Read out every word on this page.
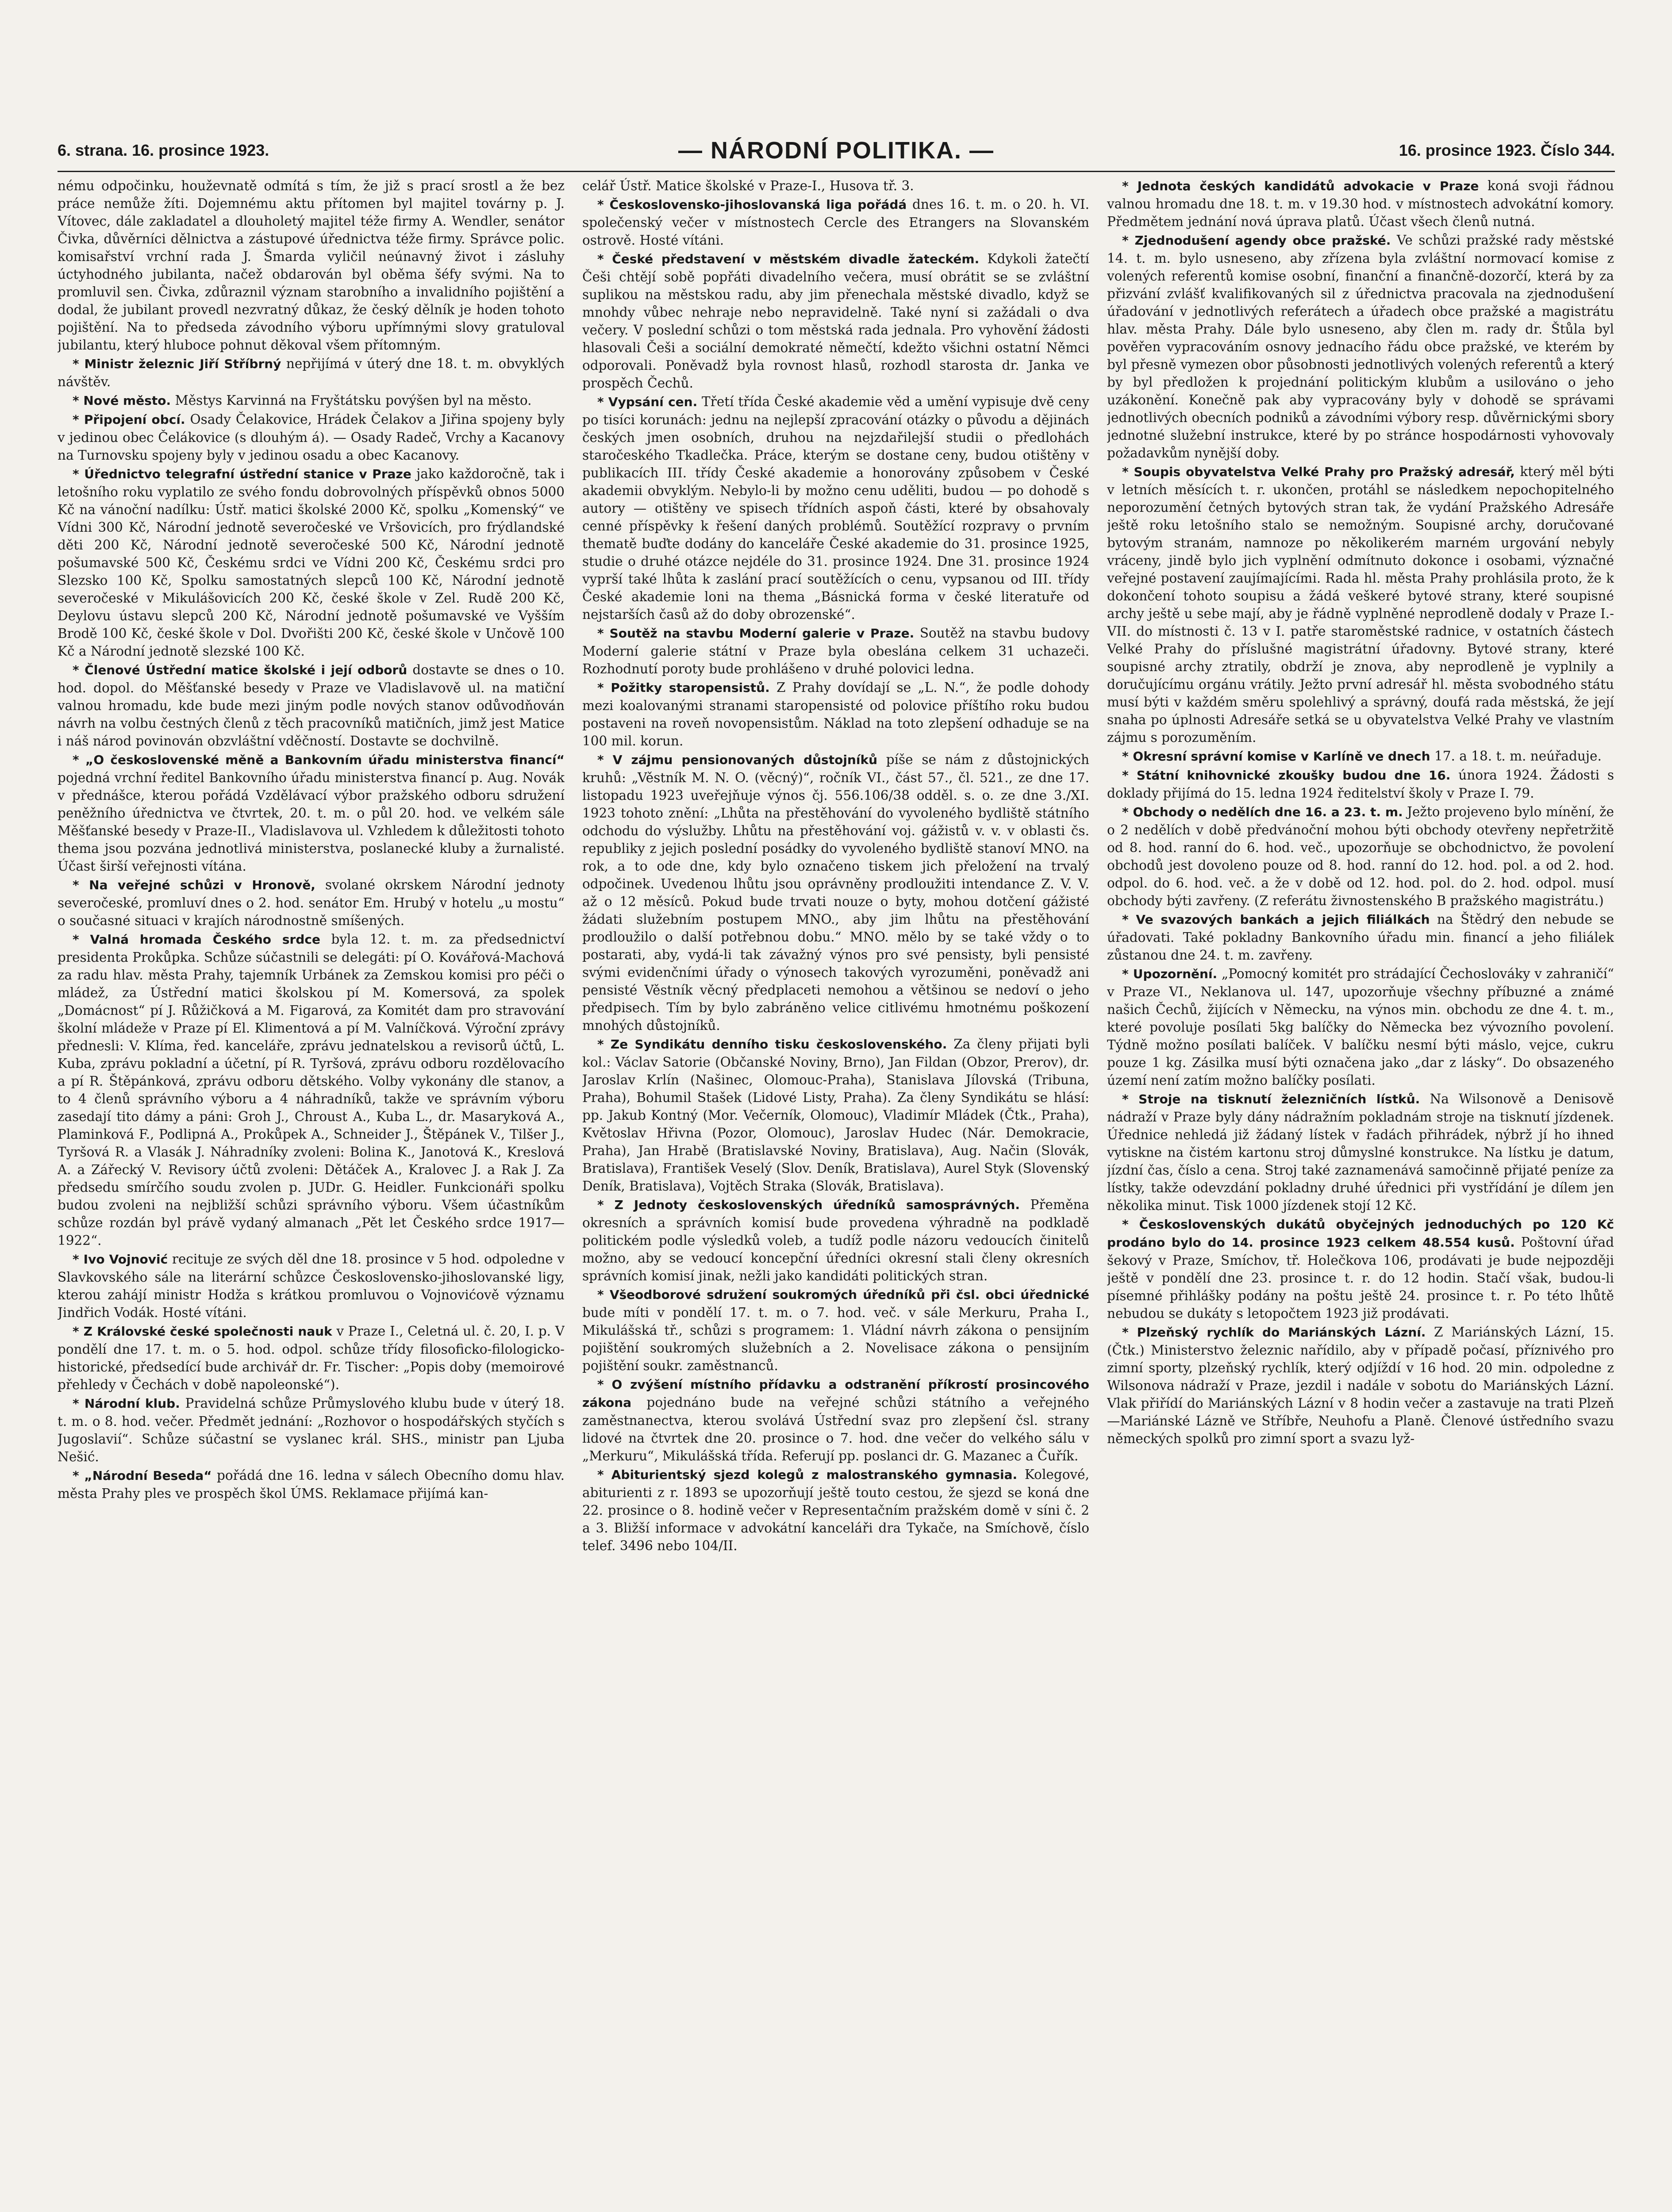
6. strana. 16. prosince 1923.	— NÁRODNÍ POLITIKA. —	16. prosince 1923. Číslo 344.

nému odpočinku, houževnatě odmítá s tím, že již s prací srostl a že bez práce nemůže žíti. Dojemnému aktu přítomen byl majitel továrny p. J. Vítovec, dále zakladatel a dlouholetý majitel téže firmy A. Wendler, senátor Čivka, důvěrníci dělnictva a zástupové úřednictva téže firmy. Správce polic. komisařství vrchní rada J. Šmarda vyličil neúnavný život i zásluhy úctyhodného jubilanta, načež obdarován byl oběma šéfy svými. Na to promluvil sen. Čivka, zdůraznil význam starobního a invalidního pojištění a dodal, že jubilant provedl nezvratný důkaz, že český dělník je hoden tohoto pojištění. Na to předseda závodního výboru upřímnými slovy gratuloval jubilantu, který hluboce pohnut děkoval všem přítomným.

* Ministr železnic Jiří Stříbrný nepřijímá v úterý dne 18. t. m. obvyklých návštěv.

* Nové město. Městys Karvinná na Fryštátsku povýšen byl na město.

* Připojení obcí. Osady Čelakovice, Hrádek Čelakov a Jiřina spojeny byly v jedinou obec Čelákovice (s dlouhým á). — Osady Radeč, Vrchy a Kacanovy na Turnovsku spojeny byly v jedinou osadu a obec Kacanovy.

* Úřednictvo telegrafní ústřední stanice v Praze jako každoročně, tak i letošního roku vyplatilo ze svého fondu dobrovolných příspěvků obnos 5000 Kč na vánoční nadílku: Ústř. matici školské 2000 Kč, spolku „Komenský“ ve Vídni 300 Kč, Národní jednotě severočeské ve Vršovicích, pro frýdlandské děti 200 Kč, Národní jednotě severočeské 500 Kč, Národní jednotě pošumavské 500 Kč, Českému srdci ve Vídni 200 Kč, Českému srdci pro Slezsko 100 Kč, Spolku samostatných slepců 100 Kč, Národní jednotě severočeské v Mikulášovicích 200 Kč, české škole v Zel. Rudě 200 Kč, Deylovu ústavu slepců 200 Kč, Národní jednotě pošumavské ve Vyšším Brodě 100 Kč, české škole v Dol. Dvořišti 200 Kč, české škole v Unčově 100 Kč a Národní jednotě slezské 100 Kč.

* Členové Ústřední matice školské i její odborů dostavte se dnes o 10. hod. dopol. do Měšťanské besedy v Praze ve Vladislavově ul. na matiční valnou hromadu, kde bude mezi jiným podle nových stanov odůvodňován návrh na volbu čestných členů z těch pracovníků matičních, jimž jest Matice i náš národ povinován obzvláštní vděčností. Dostavte se dochvilně.

* „O československé měně a Bankovním úřadu ministerstva financí“ pojedná vrchní ředitel Bankovního úřadu ministerstva financí p. Aug. Novák v přednášce, kterou pořádá Vzdělávací výbor pražského odboru sdružení peněžního úřednictva ve čtvrtek, 20. t. m. o půl 20. hod. ve velkém sále Měšťanské besedy v Praze-II., Vladislavova ul. Vzhledem k důležitosti tohoto thema jsou pozvána jednotlivá ministerstva, poslanecké kluby a žurnalisté. Účast širší veřejnosti vítána.

* Na veřejné schůzi v Hronově, svolané okrskem Národní jednoty severočeské, promluví dnes o 2. hod. senátor Em. Hrubý v hotelu „u mostu“ o současné situaci v krajích národnostně smíšených.

* Valná hromada Českého srdce byla 12. t. m. za předsednictví presidenta Prokůpka. Schůze súčastnili se delegáti: pí O. Kovářová-Machová za radu hlav. města Prahy, tajemník Urbánek za Zemskou komisi pro péči o mládež, za Ústřední matici školskou pí M. Komersová, za spolek „Domácnost“ pí J. Růžičková a M. Figarová, za Komitét dam pro stravování školní mládeže v Praze pí El. Klimentová a pí M. Valníčková. Výroční zprávy přednesli: V. Klíma, řed. kanceláře, zprávu jednatelskou a revisorů účtů, L. Kuba, zprávu pokladní a účetní, pí R. Tyršová, zprávu odboru rozdělovacího a pí R. Štěpánková, zprávu odboru dětského. Volby vykonány dle stanov, a to 4 členů správního výboru a 4 náhradníků, takže ve správním výboru zasedají tito dámy a páni: Groh J., Chroust A., Kuba L., dr. Masaryková A., Plaminková F., Podlipná A., Prokůpek A., Schneider J., Štěpánek V., Tilšer J., Tyršová R. a Vlasák J. Náhradníky zvoleni: Bolina K., Janotová K., Kreslová A. a Zářecký V. Revisory účtů zvoleni: Dětáček A., Kralovec J. a Rak J. Za předsedu smírčího soudu zvolen p. JUDr. G. Heidler. Funkcionáři spolku budou zvoleni na nejbližší schůzi správního výboru. Všem účastníkům schůze rozdán byl právě vydaný almanach „Pět let Českého srdce 1917—1922“.

* Ivo Vojnović recituje ze svých děl dne 18. prosince v 5 hod. odpoledne v Slavkovského sále na literární schůzce Československo-jihoslovanské ligy, kterou zahájí ministr Hodža s krátkou promluvou o Vojnovićově významu Jindřich Vodák. Hosté vítáni.

* Z Královské české společnosti nauk v Praze I., Celetná ul. č. 20, I. p. V pondělí dne 17. t. m. o 5. hod. odpol. schůze třídy filosoficko-filologicko-historické, předsedící bude archivář dr. Fr. Tischer: „Popis doby (memoirové přehledy v Čechách v době napoleonské“).

* Národní klub. Pravidelná schůze Průmyslového klubu bude v úterý 18. t. m. o 8. hod. večer. Předmět jednání: „Rozhovor o hospodářských styčích s Jugoslavií“. Schůze súčastní se vyslanec král. SHS., ministr pan Ljuba Nešić.

* „Národní Beseda“ pořádá dne 16. ledna v sálech Obecního domu hlav. města Prahy ples ve prospěch škol ÚMS. Reklamace přijímá kan-

celář Ústř. Matice školské v Praze-I., Husova tř. 3.

* Československo-jihoslovanská liga pořádá dnes 16. t. m. o 20. h. VI. společenský večer v místnostech Cercle des Etrangers na Slovanském ostrově. Hosté vítáni.

* České představení v městském divadle žateckém. Kdykoli žatečtí Češi chtějí sobě popřáti divadelního večera, musí obrátit se se zvláštní suplikou na městskou radu, aby jim přenechala městské divadlo, když se mnohdy vůbec nehraje nebo nepravidelně. Také nyní si zažádali o dva večery. V poslední schůzi o tom městská rada jednala. Pro vyhovění žádosti hlasovali Češi a sociální demokraté němečtí, kdežto všichni ostatní Němci odporovali. Poněvadž byla rovnost hlasů, rozhodl starosta dr. Janka ve prospěch Čechů.

* Vypsání cen. Třetí třída České akademie věd a umění vypisuje dvě ceny po tisíci korunách: jednu na nejlepší zpracování otázky o původu a dějinách českých jmen osobních, druhou na nejzdařilejší studii o předlohách staročeského Tkadlečka. Práce, kterým se dostane ceny, budou otištěny v publikacích III. třídy České akademie a honorovány způsobem v České akademii obvyklým. Nebylo-li by možno cenu uděliti, budou — po dohodě s autory — otištěny ve spisech třídních aspoň části, které by obsahovaly cenné příspěvky k řešení daných problémů. Soutěžící rozpravy o prvním thematě buďte dodány do kanceláře České akademie do 31. prosince 1925, studie o druhé otázce nejdéle do 31. prosince 1924. Dne 31. prosince 1924 vyprší také lhůta k zaslání prací soutěžících o cenu, vypsanou od III. třídy České akademie loni na thema „Básnická forma v české literatuře od nejstarších časů až do doby obrozenské“.

* Soutěž na stavbu Moderní galerie v Praze. Soutěž na stavbu budovy Moderní galerie státní v Praze byla obeslána celkem 31 uchazeči. Rozhodnutí poroty bude prohlášeno v druhé polovici ledna.

* Požitky staropensistů. Z Prahy dovídají se „L. N.“, že podle dohody mezi koalovanými stranami staropensisté od polovice příštího roku budou postaveni na roveň novopensistům. Náklad na toto zlepšení odhaduje se na 100 mil. korun.

* V zájmu pensionovaných důstojníků píše se nám z důstojnických kruhů: „Věstník M. N. O. (věcný)“, ročník VI., část 57., čl. 521., ze dne 17. listopadu 1923 uveřejňuje výnos čj. 556.106/38 odděl. s. o. ze dne 3./XI. 1923 tohoto znění: „Lhůta na přestěhování do vyvoleného bydliště státního odchodu do výslužby. Lhůtu na přestěhování voj. gážistů v. v. v oblasti čs. republiky z jejich poslední posádky do vyvoleného bydliště stanoví MNO. na rok, a to ode dne, kdy bylo označeno tiskem jich přeložení na trvalý odpočinek. Uvedenou lhůtu jsou oprávněny prodloužiti intendance Z. V. V. až o 12 měsíců. Pokud bude trvati nouze o byty, mohou dotčení gážisté žádati služebním postupem MNO., aby jim lhůtu na přestěhování prodloužilo o další potřebnou dobu.“ MNO. mělo by se také vždy o to postarati, aby, vydá-li tak závažný výnos pro své pensisty, byli pensisté svými evidenčními úřady o výnosech takových vyrozuměni, poněvadž ani pensisté Věstník věcný předplaceti nemohou a většinou se nedoví o jeho předpisech. Tím by bylo zabráněno velice citlivému hmotnému poškození mnohých důstojníků.

* Ze Syndikátu denního tisku československého. Za členy přijati byli kol.: Václav Satorie (Občanské Noviny, Brno), Jan Fildan (Obzor, Prerov), dr. Jaroslav Krlín (Našinec, Olomouc-Praha), Stanislava Jílovská (Tribuna, Praha), Bohumil Stašek (Lidové Listy, Praha). Za členy Syndikátu se hlásí: pp. Jakub Kontný (Mor. Večerník, Olomouc), Vladimír Mládek (Čtk., Praha), Květoslav Hřivna (Pozor, Olomouc), Jaroslav Hudec (Nár. Demokracie, Praha), Jan Hrabě (Bratislavské Noviny, Bratislava), Aug. Način (Slovák, Bratislava), František Veselý (Slov. Deník, Bratislava), Aurel Styk (Slovenský Deník, Bratislava), Vojtěch Straka (Slovák, Bratislava).

* Z Jednoty československých úředníků samosprávných. Přeměna okresních a správních komisí bude provedena výhradně na podkladě politickém podle výsledků voleb, a tudíž podle názoru vedoucích činitelů možno, aby se vedoucí koncepční úředníci okresní stali členy okresních správních komisí jinak, nežli jako kandidáti politických stran.

* Všeodborové sdružení soukromých úředníků při čsl. obci úřednické bude míti v pondělí 17. t. m. o 7. hod. več. v sále Merkuru, Praha I., Mikulášská tř., schůzi s programem: 1. Vládní návrh zákona o pensijním pojištění soukromých služebních a 2. Novelisace zákona o pensijním pojištění soukr. zaměstnanců.

* O zvýšení místního přídavku a odstranění příkrostí prosincového zákona pojednáno bude na veřejné schůzi státního a veřejného zaměstnanectva, kterou svolává Ústřední svaz pro zlepšení čsl. strany lidové na čtvrtek dne 20. prosince o 7. hod. dne večer do velkého sálu v „Merkuru“, Mikulášská třída. Referují pp. poslanci dr. G. Mazanec a Čuřík.

* Abiturientský sjezd kolegů z malostranského gymnasia. Kolegové, abiturienti z r. 1893 se upozorňují ještě touto cestou, že sjezd se koná dne 22. prosince o 8. hodině večer v Representačním pražském domě v síni č. 2 a 3. Bližší informace v advokátní kanceláři dra Tykače, na Smíchově, číslo telef. 3496 nebo 104/II.

* Jednota českých kandidátů advokacie v Praze koná svoji řádnou valnou hromadu dne 18. t. m. v 19.30 hod. v místnostech advokátní komory. Předmětem jednání nová úprava platů. Účast všech členů nutná.

* Zjednodušení agendy obce pražské. Ve schůzi pražské rady městské 14. t. m. bylo usneseno, aby zřízena byla zvláštní normovací komise z volených referentů komise osobní, finanční a finančně-dozorčí, která by za přizvání zvlášť kvalifikovaných sil z úřednictva pracovala na zjednodušení úřadování v jednotlivých referátech a úřadech obce pražské a magistrátu hlav. města Prahy. Dále bylo usneseno, aby člen m. rady dr. Štůla byl pověřen vypracováním osnovy jednacího řádu obce pražské, ve kterém by byl přesně vymezen obor působnosti jednotlivých volených referentů a který by byl předložen k projednání politickým klubům a usilováno o jeho uzákonění. Konečně pak aby vypracovány byly v dohodě se správami jednotlivých obecních podniků a závodními výbory resp. důvěrnickými sbory jednotné služební instrukce, které by po stránce hospodárnosti vyhovovaly požadavkům nynější doby.

* Soupis obyvatelstva Velké Prahy pro Pražský adresář, který měl býti v letních měsících t. r. ukončen, protáhl se následkem nepochopitelného neporozumění četných bytových stran tak, že vydání Pražského Adresáře ještě roku letošního stalo se nemožným. Soupisné archy, doručované bytovým stranám, namnoze po několikerém marném urgování nebyly vráceny, jindě bylo jich vyplnění odmítnuto dokonce i osobami, význačné veřejné postavení zaujímajícími. Rada hl. města Prahy prohlásila proto, že k dokončení tohoto soupisu a žádá veškeré bytové strany, které soupisné archy ještě u sebe mají, aby je řádně vyplněné neprodleně dodaly v Praze I.-VII. do místnosti č. 13 v I. patře staroměstské radnice, v ostatních částech Velké Prahy do příslušné magistrátní úřadovny. Bytové strany, které soupisné archy ztratily, obdrží je znova, aby neprodleně je vyplnily a doručujícímu orgánu vrátily. Ježto první adresář hl. města svobodného státu musí býti v každém směru spolehlivý a správný, doufá rada městská, že její snaha po úplnosti Adresáře setká se u obyvatelstva Velké Prahy ve vlastním zájmu s porozuměním.

* Okresní správní komise v Karlíně ve dnech 17. a 18. t. m. neúřaduje.

* Státní knihovnické zkoušky budou dne 16. února 1924. Žádosti s doklady přijímá do 15. ledna 1924 ředitelství školy v Praze I. 79.

* Obchody o nedělích dne 16. a 23. t. m. Ježto projeveno bylo mínění, že o 2 nedělích v době předvánoční mohou býti obchody otevřeny nepřetržitě od 8. hod. ranní do 6. hod. več., upozorňuje se obchodnictvo, že povolení obchodů jest dovoleno pouze od 8. hod. ranní do 12. hod. pol. a od 2. hod. odpol. do 6. hod. več. a že v době od 12. hod. pol. do 2. hod. odpol. musí obchody býti zavřeny. (Z referátu živnostenského B pražského magistrátu.)

* Ve svazových bankách a jejich filiálkách na Štědrý den nebude se úřadovati. Také pokladny Bankovního úřadu min. financí a jeho filiálek zůstanou dne 24. t. m. zavřeny.

* Upozornění. „Pomocný komitét pro strádající Čechoslováky v zahraničí“ v Praze VI., Neklanova ul. 147, upozorňuje všechny příbuzné a známé našich Čechů, žijících v Německu, na výnos min. obchodu ze dne 4. t. m., které povoluje posílati 5kg balíčky do Německa bez vývozního povolení. Týdně možno posílati balíček. V balíčku nesmí býti máslo, vejce, cukru pouze 1 kg. Zásilka musí býti označena jako „dar z lásky“. Do obsazeného území není zatím možno balíčky posílati.

* Stroje na tisknutí železničních lístků. Na Wilsonově a Denisově nádraží v Praze byly dány nádražním pokladnám stroje na tisknutí jízdenek. Úřednice nehledá již žádaný lístek v řadách přihrádek, nýbrž jí ho ihned vytiskne na čistém kartonu stroj důmyslné konstrukce. Na lístku je datum, jízdní čas, číslo a cena. Stroj také zaznamenává samočinně přijaté peníze za lístky, takže odevzdání pokladny druhé úřednici při vystřídání je dílem jen několika minut. Tisk 1000 jízdenek stojí 12 Kč.

* Československých dukátů obyčejných jednoduchých po 120 Kč prodáno bylo do 14. prosince 1923 celkem 48.554 kusů. Poštovní úřad šekový v Praze, Smíchov, tř. Holečkova 106, prodávati je bude nejpozději ještě v pondělí dne 23. prosince t. r. do 12 hodin. Stačí však, budou-li písemné přihlášky podány na poštu ještě 24. prosince t. r. Po této lhůtě nebudou se dukáty s letopočtem 1923 již prodávati.

* Plzeňský rychlík do Mariánských Lázní. Z Mariánských Lázní, 15. (Čtk.) Ministerstvo železnic nařídilo, aby v případě počasí, příznivého pro zimní sporty, plzeňský rychlík, který odjíždí v 16 hod. 20 min. odpoledne z Wilsonova nádraží v Praze, jezdil i nadále v sobotu do Mariánských Lázní. Vlak přiřídí do Mariánských Lázní v 8 hodin večer a zastavuje na trati Plzeň—Mariánské Lázně ve Stříbře, Neuhofu a Planě. Členové ústředního svazu německých spolků pro zimní sport a svazu lyž-
